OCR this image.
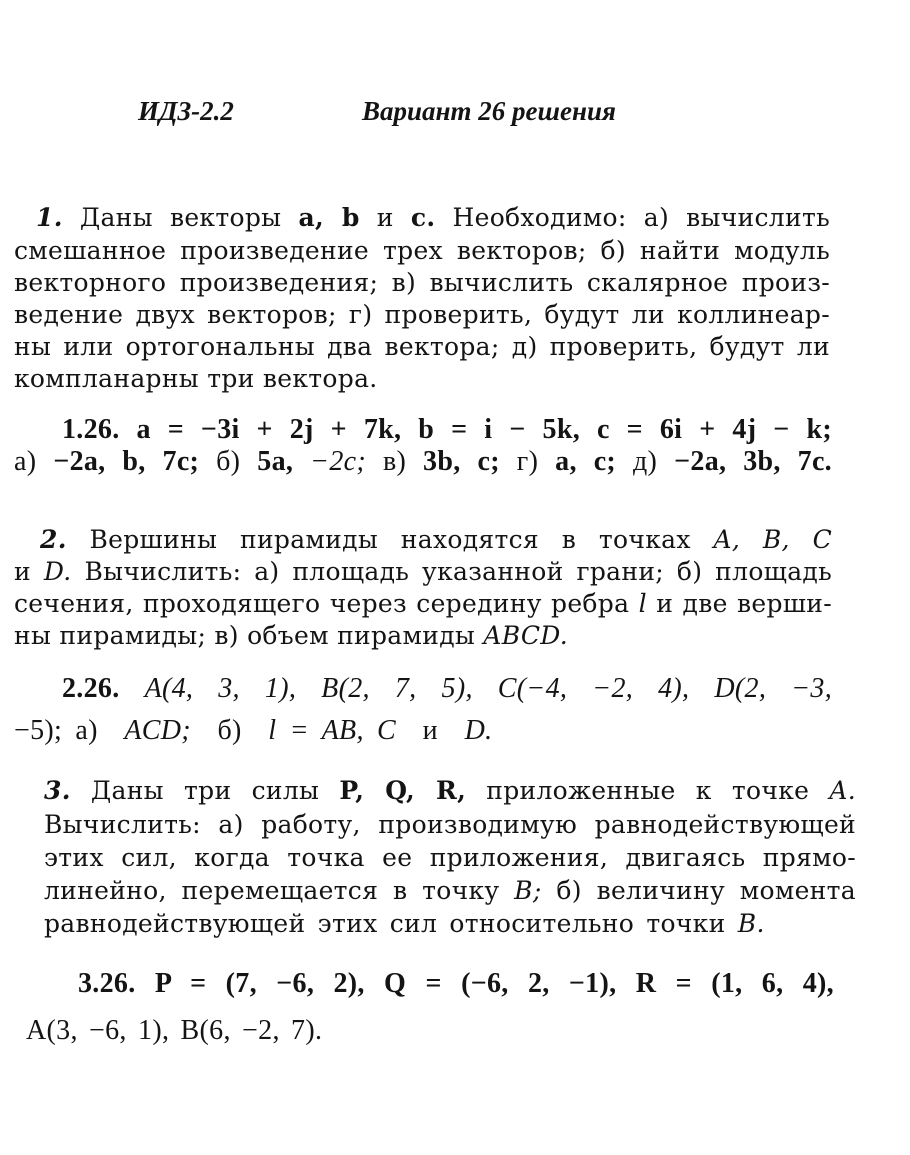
ИДЗ-2.2	Вариант 26 решения
1. Даны векторы a, b и c. Необходимо: а) вычислить
смешанное произведение трех векторов; б) найти модуль
векторного произведения; в) вычислить скалярное произ-
ведение двух векторов; г) проверить, будут ли коллинеар-
ны или ортогональны два вектора; д) проверить, будут ли
компланарны три вектора.
1.26. a = −3i + 2j + 7k, b = i − 5k, c = 6i + 4j − k;
а) −2a, b, 7c; б) 5a, −2c; в) 3b, c; г) a, c; д) −2a, 3b, 7c.
2. Вершины пирамиды находятся в точках A, B, C
и D. Вычислить: а) площадь указанной грани; б) площадь
сечения, проходящего через середину ребра l и две верши-
ны пирамиды; в) объем пирамиды ABCD.
2.26. A(4, 3, 1), B(2, 7, 5), C(−4, −2, 4), D(2, −3,
−5); а) ACD; б) l = AB, C и D.
3. Даны три силы P, Q, R, приложенные к точке A.
Вычислить: а) работу, производимую равнодействующей
этих сил, когда точка ее приложения, двигаясь прямо-
линейно, перемещается в точку B; б) величину момента
равнодействующей этих сил относительно точки B.
3.26. P = (7, −6, 2), Q = (−6, 2, −1), R = (1, 6, 4),
A(3, −6, 1), B(6, −2, 7).
